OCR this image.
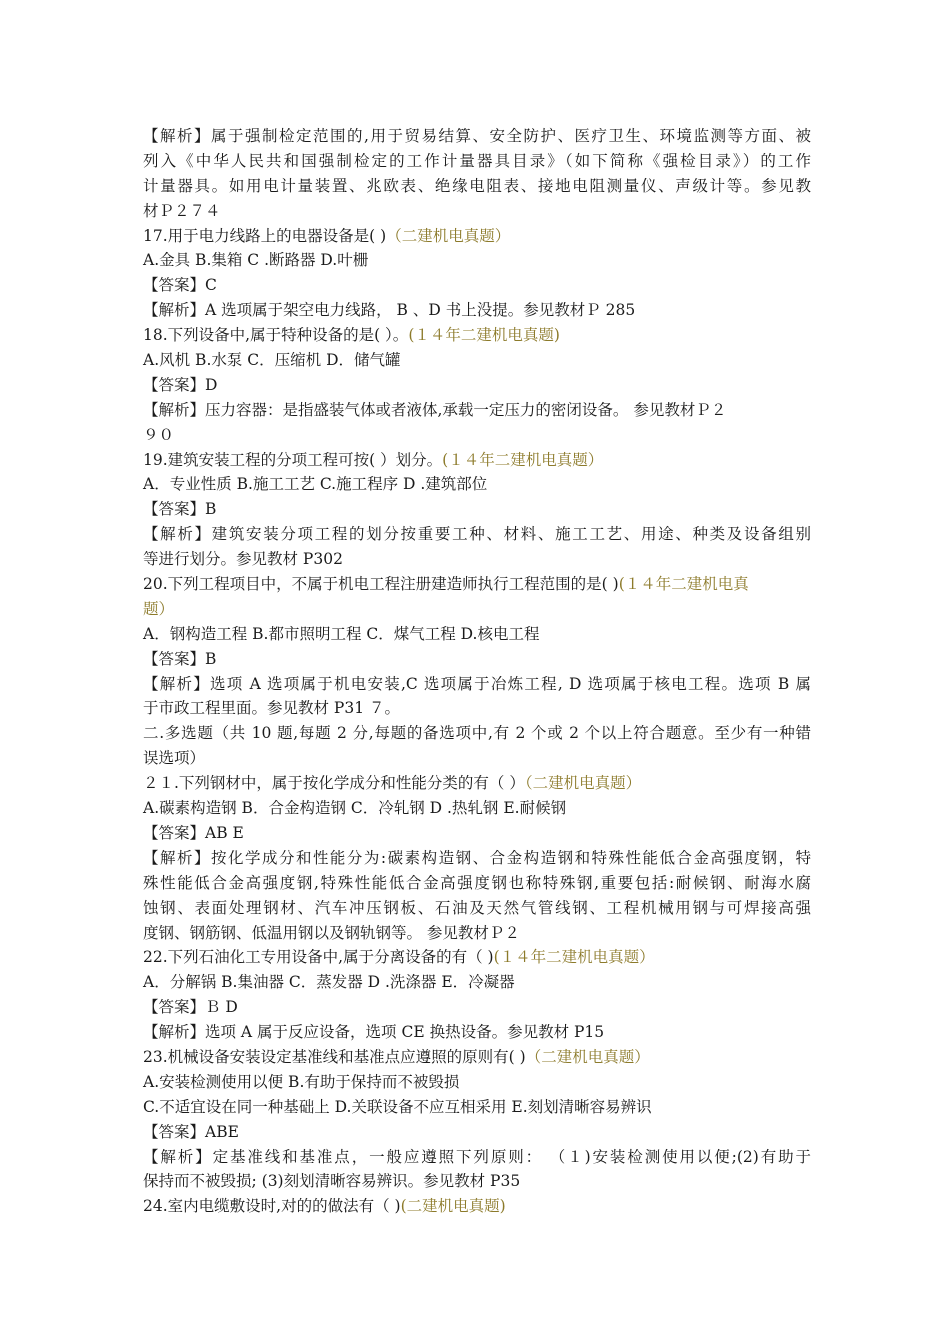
【解析】属于强制检定范围的,用于贸易结算、安全防护、医疗卫生、环境监测等方面、被
列入《中华人民共和国强制检定的工作计量器具目录》（如下简称《强检目录》）的工作
计量器具。如用电计量装置、兆欧表、绝缘电阻表、接地电阻测量仪、声级计等。参见教
材Ｐ２７４
17.用于电力线路上的电器设备是( )（二建机电真题）
A.金具 B.集箱 C .断路器 D.叶栅
【答案】C
【解析】A 选项属于架空电力线路， B 、D 书上没提。参见教材Ｐ 285
18.下列设备中,属于特种设备的是( ）。(１４年二建机电真题)
A.风机 B.水泵 C．压缩机 D．储气罐
【答案】D
【解析】压力容器：是指盛装气体或者液体,承载一定压力的密闭设备。 参见教材Ｐ２
９０
19.建筑安装工程的分项工程可按( ）划分。(１４年二建机电真题）
A．专业性质 B.施工工艺 C.施工程序 D .建筑部位
【答案】B
【解析】建筑安装分项工程的划分按重要工种、材料、施工工艺、用途、种类及设备组别
等进行划分。参见教材 P302
20.下列工程项目中，不属于机电工程注册建造师执行工程范围的是( )(１４年二建机电真
题）
A．钢构造工程 B.都市照明工程 C．煤气工程 D.核电工程
【答案】B
【解析】选项 A 选项属于机电安装,C 选项属于冶炼工程, D 选项属于核电工程。选项 B 属
于市政工程里面。参见教材 P31 ７。
二.多选题（共 10 题,每题 2 分,每题的备选项中,有 2 个或 2 个以上符合题意。至少有一种错
误选项）
２１.下列钢材中，属于按化学成分和性能分类的有（ ）（二建机电真题）
A.碳素构造钢 B．合金构造钢 C．冷轧钢 D .热轧钢 E.耐候钢
【答案】AB E
【解析】按化学成分和性能分为:碳素构造钢、合金构造钢和特殊性能低合金高强度钢，特
殊性能低合金高强度钢,特殊性能低合金高强度钢也称特殊钢,重要包括:耐候钢、耐海水腐
蚀钢、表面处理钢材、汽车冲压钢板、石油及天然气管线钢、工程机械用钢与可焊接高强
度钢、钢筋钢、低温用钢以及钢轨钢等。 参见教材Ｐ２
22.下列石油化工专用设备中,属于分离设备的有（ )(１４年二建机电真题）
A．分解锅 B.集油器 C．蒸发器 D .洗涤器 E．冷凝器
【答案】Ｂ D
【解析】选项 A 属于反应设备，选项 CE 换热设备。参见教材 P15
23.机械设备安装设定基准线和基准点应遵照的原则有( )（二建机电真题）
A.安装检测使用以便 B.有助于保持而不被毁损
C.不适宜设在同一种基础上 D.关联设备不应互相采用 E.刻划清晰容易辨识
【答案】ABE
【解析】定基准线和基准点，一般应遵照下列原则： （１)安装检测使用以便;(2)有助于
保持而不被毁损; (3)刻划清晰容易辨识。参见教材 P35
24.室内电缆敷设时,对的的做法有（ )(二建机电真题)
